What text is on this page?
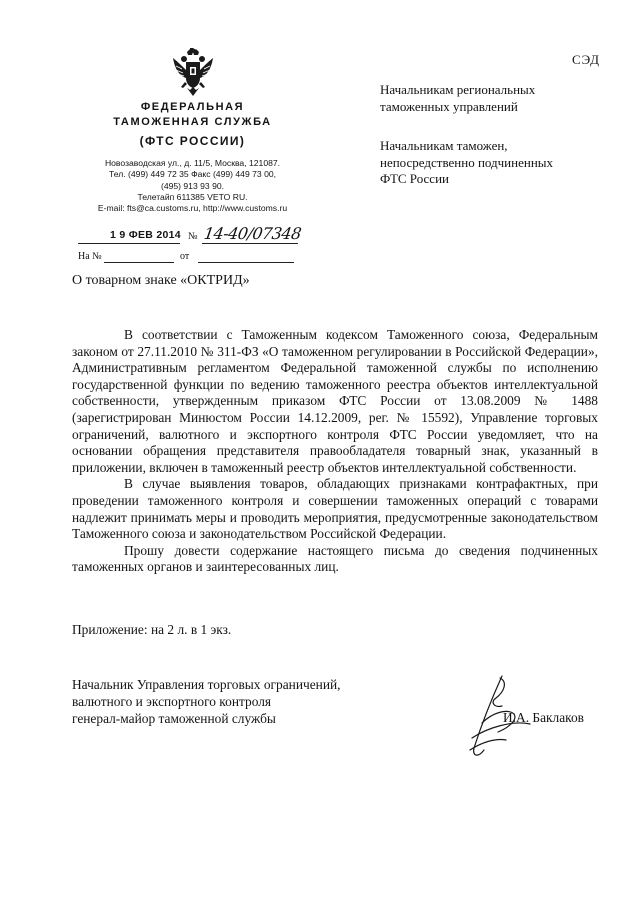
СЭД
ФЕДЕРАЛЬНАЯ
ТАМОЖЕННАЯ СЛУЖБА
(ФТС РОССИИ)
Новозаводская ул., д. 11/5, Москва, 121087.
Тел. (499) 449 72 35 Факс (499) 449 73 00,
(495) 913 93 90.
Телетайп 611385 VETO RU.
E-mail: fts@ca.customs.ru, http://www.customs.ru
1 9 ФЕВ 2014 № 14-40/07348
На №	от
Начальникам региональных
таможенных управлений
Начальникам таможен,
непосредственно подчиненных
ФТС России
О товарном знаке «ОКТРИД»

В соответствии с Таможенным кодексом Таможенного союза, Федеральным законом от 27.11.2010 № 311-ФЗ «О таможенном регулировании в Российской Федерации», Административным регламентом Федеральной таможенной службы по исполнению государственной функции по ведению таможенного реестра объектов интеллектуальной собственности, утвержденным приказом ФТС России от 13.08.2009 № 1488 (зарегистрирован Минюстом России 14.12.2009, рег. № 15592), Управление торговых ограничений, валютного и экспортного контроля ФТС России уведомляет, что на основании обращения представителя правообладателя товарный знак, указанный в приложении, включен в таможенный реестр объектов интеллектуальной собственности.

В случае выявления товаров, обладающих признаками контрафактных, при проведении таможенного контроля и совершении таможенных операций с товарами надлежит принимать меры и проводить мероприятия, предусмотренные законодательством Таможенного союза и законодательством Российской Федерации.

Прошу довести содержание настоящего письма до сведения подчиненных таможенных органов и заинтересованных лиц.

Приложение: на 2 л. в 1 экз.
Начальник Управления торговых ограничений,
валютного и экспортного контроля
генерал-майор таможенной службы	И.А. Баклаков
